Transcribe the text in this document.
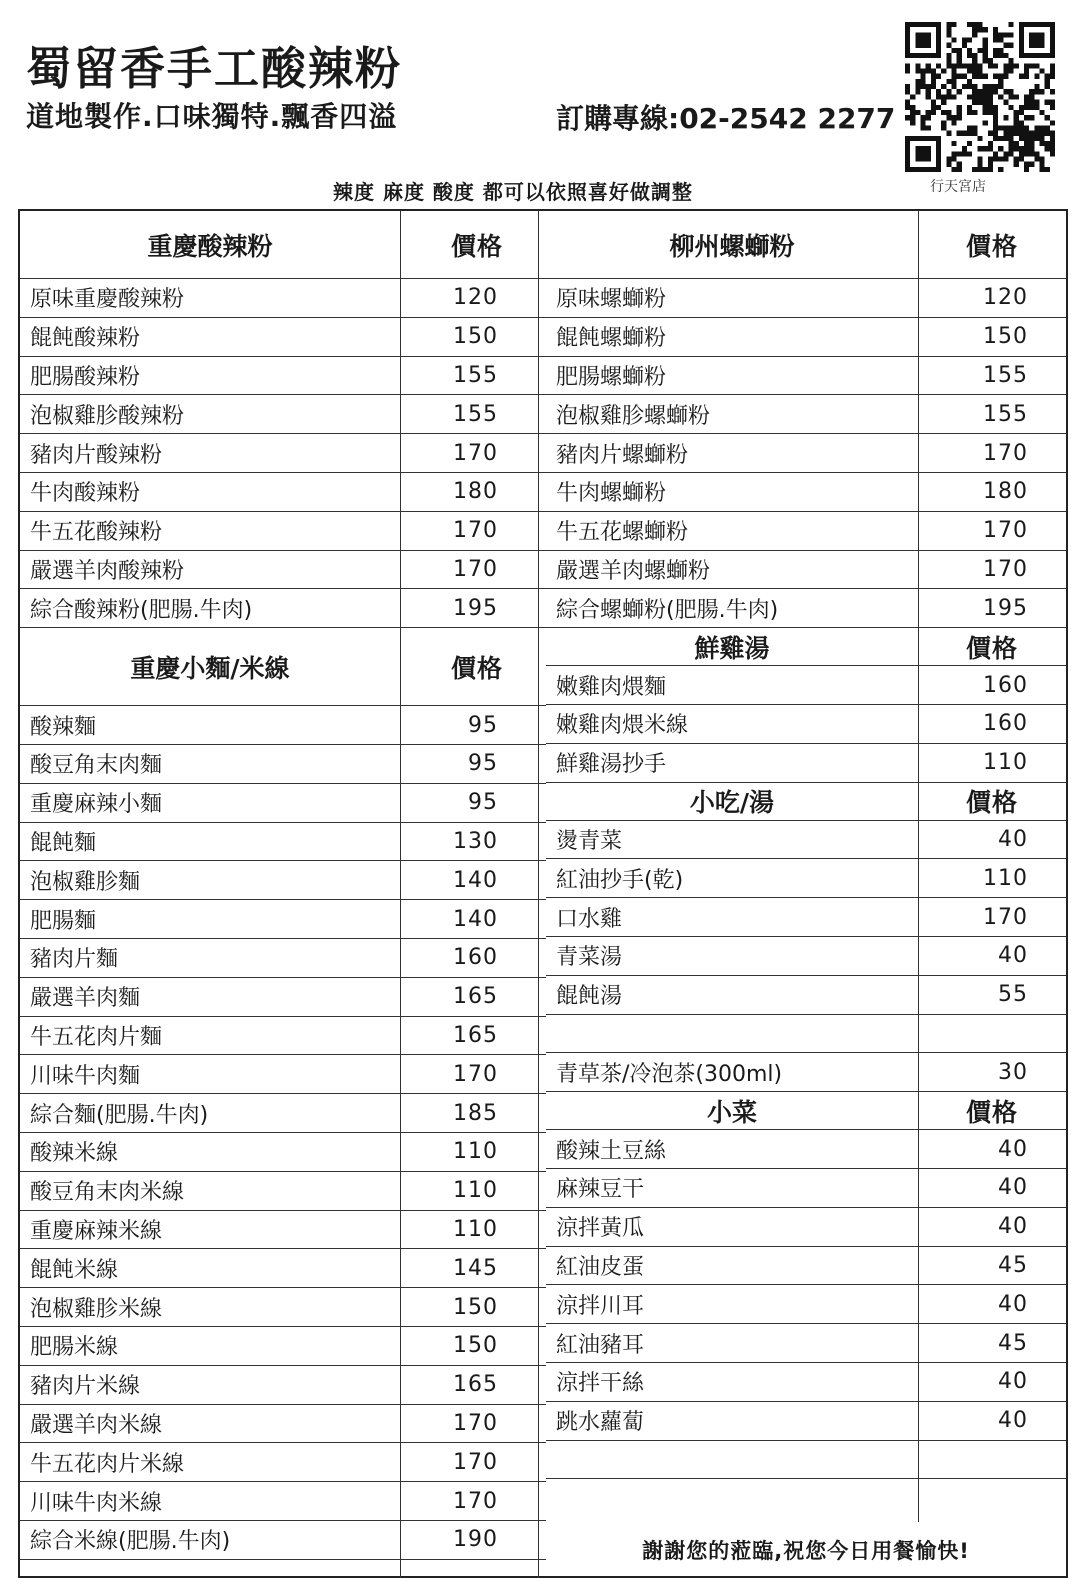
蜀留香手工酸辣粉
道地製作.口味獨特.飄香四溢	訂購專線:02-2542 2277
行天宮店
辣度 麻度 酸度 都可以依照喜好做調整
重慶酸辣粉	價格
原味重慶酸辣粉	120
餛飩酸辣粉	150
肥腸酸辣粉	155
泡椒雞胗酸辣粉	155
豬肉片酸辣粉	170
牛肉酸辣粉	180
牛五花酸辣粉	170
嚴選羊肉酸辣粉	170
綜合酸辣粉(肥腸.牛肉)	195
重慶小麵/米線	價格
酸辣麵	95
酸豆角末肉麵	95
重慶麻辣小麵	95
餛飩麵	130
泡椒雞胗麵	140
肥腸麵	140
豬肉片麵	160
嚴選羊肉麵	165
牛五花肉片麵	165
川味牛肉麵	170
綜合麵(肥腸.牛肉)	185
酸辣米線	110
酸豆角末肉米線	110
重慶麻辣米線	110
餛飩米線	145
泡椒雞胗米線	150
肥腸米線	150
豬肉片米線	165
嚴選羊肉米線	170
牛五花肉片米線	170
川味牛肉米線	170
綜合米線(肥腸.牛肉)	190
柳州螺螄粉	價格
原味螺螄粉	120
餛飩螺螄粉	150
肥腸螺螄粉	155
泡椒雞胗螺螄粉	155
豬肉片螺螄粉	170
牛肉螺螄粉	180
牛五花螺螄粉	170
嚴選羊肉螺螄粉	170
綜合螺螄粉(肥腸.牛肉)	195
鮮雞湯	價格
嫩雞肉煨麵	160
嫩雞肉煨米線	160
鮮雞湯抄手	110
小吃/湯	價格
燙青菜	40
紅油抄手(乾)	110
口水雞	170
青菜湯	40
餛飩湯	55
青草茶/冷泡茶(300ml)	30
小菜	價格
酸辣土豆絲	40
麻辣豆干	40
涼拌黃瓜	40
紅油皮蛋	45
涼拌川耳	40
紅油豬耳	45
涼拌干絲	40
跳水蘿蔔	40
謝謝您的蒞臨,祝您今日用餐愉快!
